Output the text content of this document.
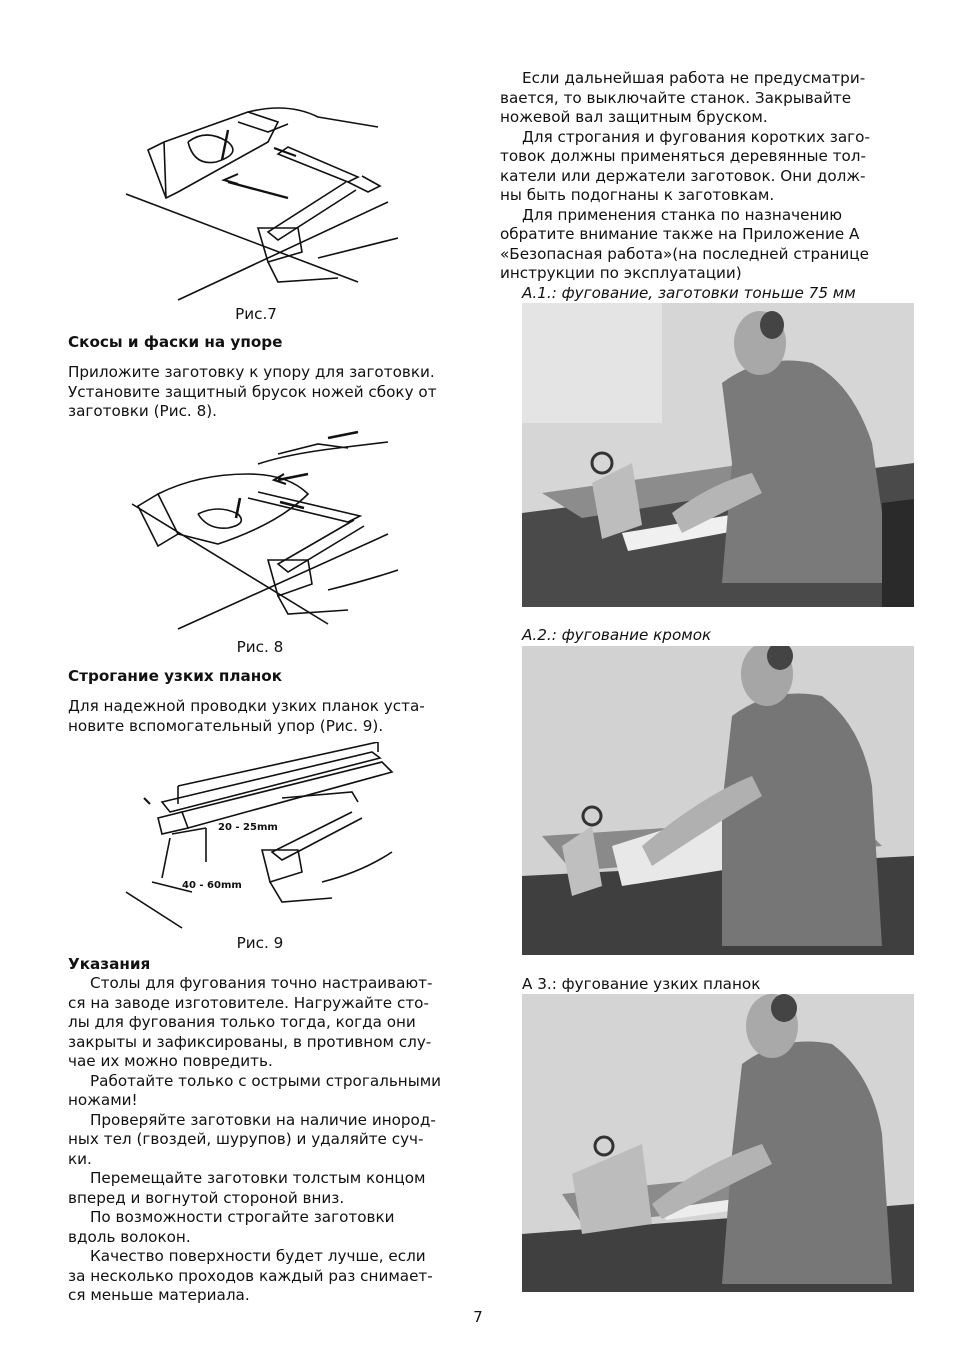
Рис.7
Скосы и фаски на упоре
Приложите заготовку к упору для заготовки.
Установите защитный брусок ножей сбоку от
заготовки (Рис. 8).
Рис. 8
Строгание узких планок
Для надежной проводки узких планок уста-
новите вспомогательный упор (Рис. 9).
20 - 25mm
40 - 60mm
Рис. 9
Указания
Столы для фугования точно настраивают-
ся на заводе изготовителе. Нагружайте сто-
лы для фугования только тогда, когда они
закрыты и зафиксированы, в противном слу-
чае их можно повредить.
Работайте только с острыми строгальными
ножами!
Проверяйте заготовки на наличие инород-
ных тел (гвоздей, шурупов) и удаляйте суч-
ки.
Перемещайте заготовки толстым концом
вперед и вогнутой стороной вниз.
По возможности строгайте заготовки
вдоль волокон.
Качество поверхности будет лучше, если
за несколько проходов каждый раз снимает-
ся меньше материала.
Если дальнейшая работа не предусматри-
вается, то выключайте станок. Закрывайте
ножевой вал защитным бруском.
Для строгания и фугования коротких заго-
товок должны применяться деревянные тол-
катели или держатели заготовок. Они долж-
ны быть подогнаны к заготовкам.
Для применения станка по назначению
обратите внимание также на Приложение А
«Безопасная работа»(на последней странице
инструкции по эксплуатации)
А.1.: фугование, заготовки тоньше 75 мм
А.2.: фугование кромок
А 3.: фугование узких планок
7
